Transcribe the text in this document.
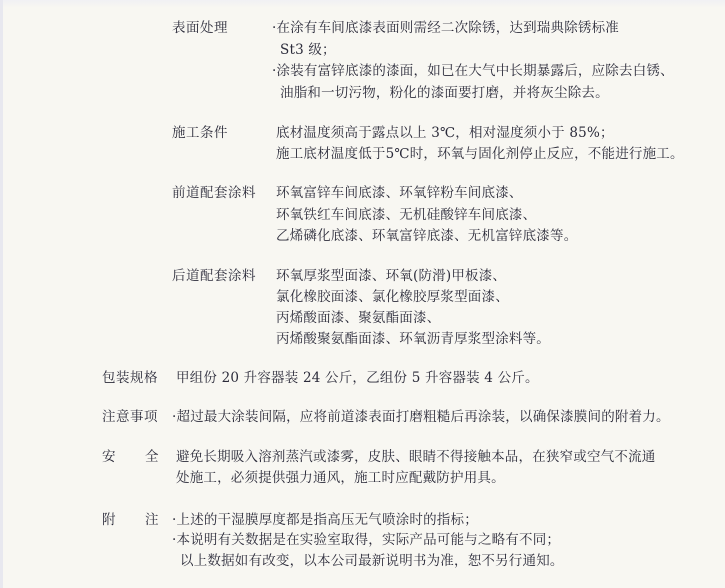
表面处理	·在涂有车间底漆表面则需经二次除锈，达到瑞典除锈标准
St3 级；
·涂装有富锌底漆的漆面，如已在大气中长期暴露后，应除去白锈、
油脂和一切污物，粉化的漆面要打磨，并将灰尘除去。
施工条件	底材温度须高于露点以上 3℃，相对湿度须小于 85%；
施工底材温度低于5℃时，环氧与固化剂停止反应，不能进行施工。
前道配套涂料 环氧富锌车间底漆、环氧锌粉车间底漆、
环氧铁红车间底漆、无机硅酸锌车间底漆、
乙烯磷化底漆、环氧富锌底漆、无机富锌底漆等。
后道配套涂料 环氧厚浆型面漆、环氧(防滑)甲板漆、
氯化橡胶面漆、氯化橡胶厚浆型面漆、
丙烯酸面漆、聚氨酯面漆、
丙烯酸聚氨酯面漆、环氧沥青厚浆型涂料等。
包装规格 甲组份 20 升容器装 24 公斤，乙组份 5 升容器装 4 公斤。
注意事项 ·超过最大涂装间隔，应将前道漆表面打磨粗糙后再涂装，以确保漆膜间的附着力。
安 全 避免长期吸入溶剂蒸汽或漆雾，皮肤、眼睛不得接触本品，在狭窄或空气不流通
处施工，必须提供强力通风，施工时应配戴防护用具。
附 注 ·上述的干湿膜厚度都是指高压无气喷涂时的指标；
·本说明有关数据是在实验室取得，实际产品可能与之略有不同；
以上数据如有改变，以本公司最新说明书为准，恕不另行通知。
